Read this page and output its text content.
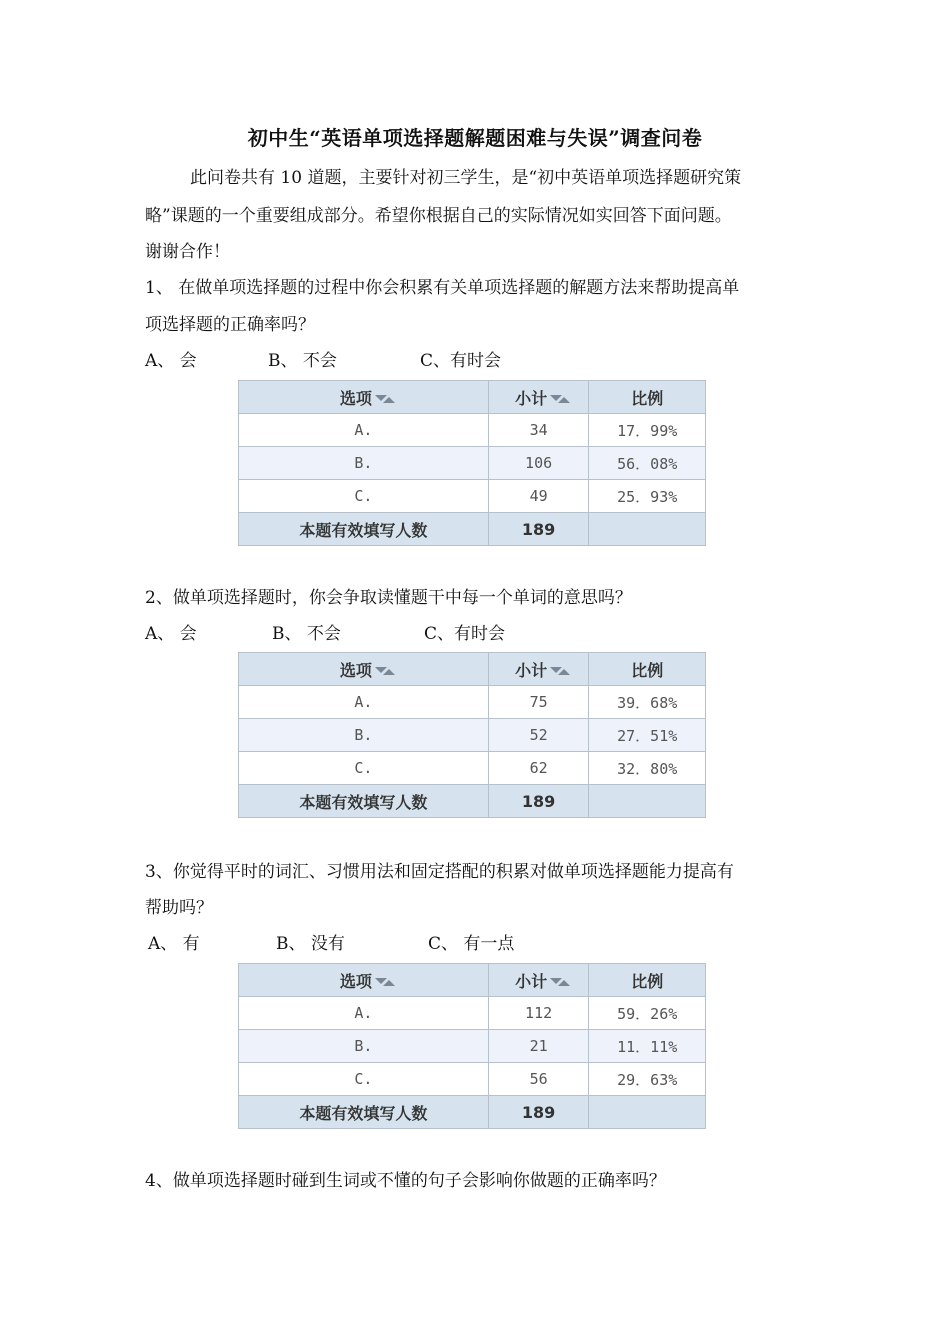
初中生“英语单项选择题解题困难与失误”调查问卷
此问卷共有 10 道题，主要针对初三学生，是“初中英语单项选择题研究策
略”课题的一个重要组成部分。希望你根据自己的实际情况如实回答下面问题。
谢谢合作！
1、 在做单项选择题的过程中你会积累有关单项选择题的解题方法来帮助提高单
项选择题的正确率吗？
A、 会	B、 不会	C、有时会
选项	小计	比例
A.	34	17．99%
B.	106	56．08%
C.	49	25．93%
本题有效填写人数	189	
2、做单项选择题时，你会争取读懂题干中每一个单词的意思吗？
A、 会	B、 不会	C、有时会
选项	小计	比例
A.	75	39．68%
B.	52	27．51%
C.	62	32．80%
本题有效填写人数	189	
3、你觉得平时的词汇、习惯用法和固定搭配的积累对做单项选择题能力提高有
帮助吗？
A、 有	B、 没有	C、 有一点
选项	小计	比例
A.	112	59．26%
B.	21	11．11%
C.	56	29．63%
本题有效填写人数	189	
4、做单项选择题时碰到生词或不懂的句子会影响你做题的正确率吗？
